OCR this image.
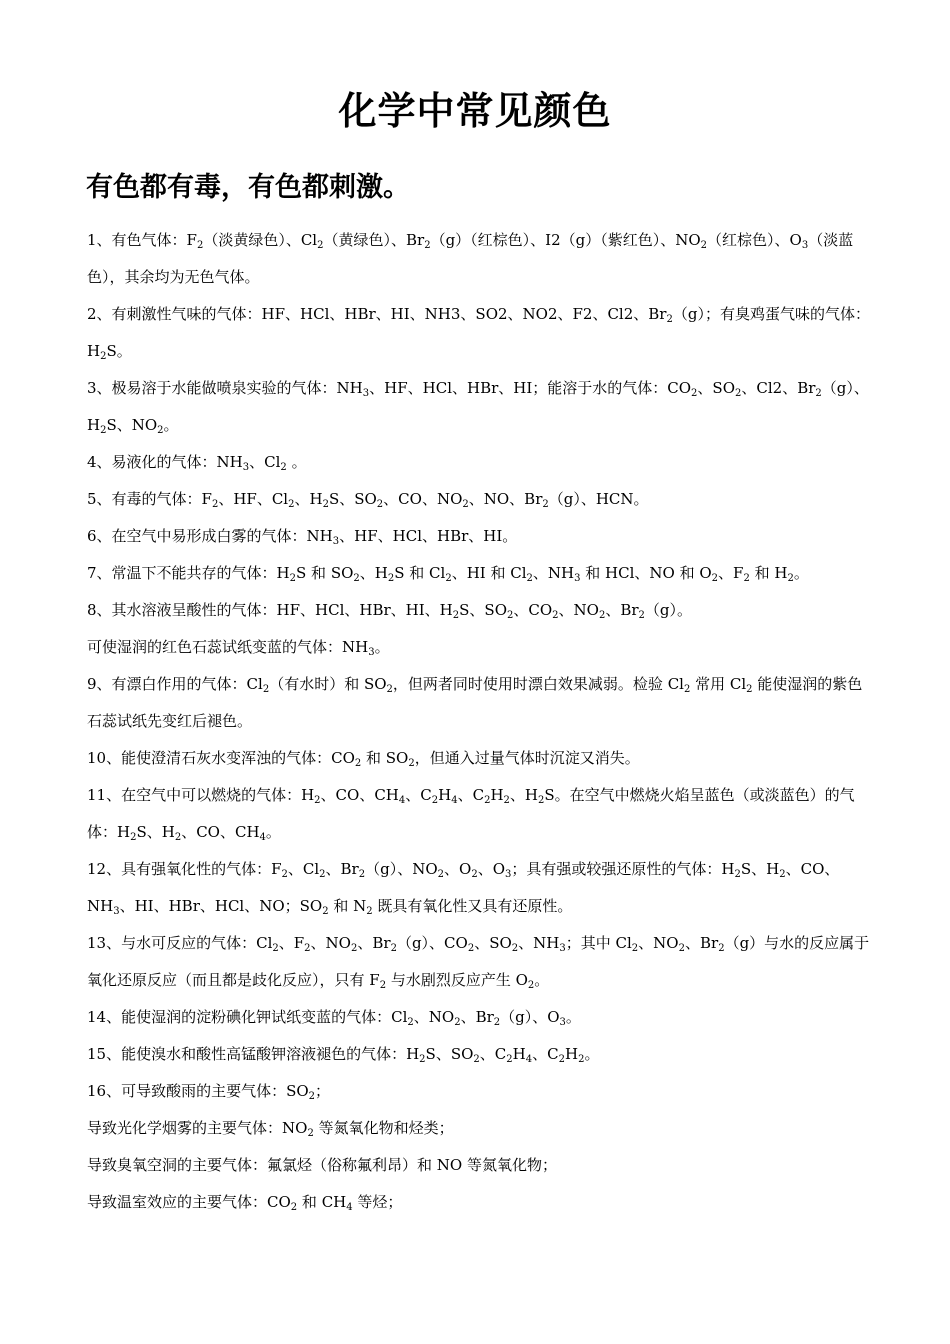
化学中常见颜色
有色都有毒，有色都刺激。

1、有色气体：$F_2$（淡黄绿色）、$Cl_2$（黄绿色）、$Br_2(g)$（红棕色）、I2（g）（紫红色）、$NO_2$（红棕色）、$O_3$（淡蓝色），其余均为无色气体。

2、有刺激性气味的气体：HF、HCl、HBr、HI、NH3、SO2、NO2、F2、Cl2、$Br_2(g)$；有臭鸡蛋气味的气体：$H_2S$。

3、极易溶于水能做喷泉实验的气体：$NH_3$、HF、HCl、HBr、HI；能溶于水的气体：$CO_2$、$SO_2$、Cl2、$Br_2(g)$、$H_2S$、$NO_2$。

4、易液化的气体：$NH_3$、$Cl_2$ 。

5、有毒的气体：$F_2$、HF、$Cl_2$、$H_2S$、$SO_2$、CO、$NO_2$、NO、$Br_2(g)$、HCN。

6、在空气中易形成白雾的气体：$NH_3$、HF、HCl、HBr、HI。

7、常温下不能共存的气体：$H_2S$ 和 $SO_2$、$H_2S$ 和 $Cl_2$、HI 和 $Cl_2$、$NH_3$ 和 HCl、NO 和 $O_2$、$F_2$ 和 $H_2$。

8、其水溶液呈酸性的气体：HF、HCl、HBr、HI、$H_2S$、$SO_2$、$CO_2$、$NO_2$、$Br_2(g)$。

可使湿润的红色石蕊试纸变蓝的气体：$NH_3$。

9、有漂白作用的气体：$Cl_2$（有水时）和 $SO_2$，但两者同时使用时漂白效果减弱。检验 $Cl_2$ 常用 $Cl_2$ 能使湿润的紫色石蕊试纸先变红后褪色。

10、能使澄清石灰水变浑浊的气体：$CO_2$ 和 $SO_2$，但通入过量气体时沉淀又消失。

11、在空气中可以燃烧的气体：$H_2$、CO、$CH_4$、$C_2H_4$、$C_2H_2$、$H_2S$。在空气中燃烧火焰呈蓝色（或淡蓝色）的气体：$H_2S$、$H_2$、CO、$CH_4$。

12、具有强氧化性的气体：$F_2$、$Cl_2$、$Br_2(g)$、$NO_2$、$O_2$、$O_3$；具有强或较强还原性的气体：$H_2S$、$H_2$、CO、$NH_3$、HI、HBr、HCl、NO；$SO_2$ 和 $N_2$ 既具有氧化性又具有还原性。

13、与水可反应的气体：$Cl_2$、$F_2$、$NO_2$、$Br_2(g)$、$CO_2$、$SO_2$、$NH_3$；其中 $Cl_2$、$NO_2$、$Br_2(g)$与水的反应属于氧化还原反应（而且都是歧化反应），只有 $F_2$ 与水剧烈反应产生 $O_2$。

14、能使湿润的淀粉碘化钾试纸变蓝的气体：$Cl_2$、$NO_2$、$Br_2(g)$、$O_3$。

15、能使溴水和酸性高锰酸钾溶液褪色的气体：$H_2S$、$SO_2$、$C_2H_4$、$C_2H_2$。

16、可导致酸雨的主要气体：$SO_2$；

导致光化学烟雾的主要气体：$NO_2$ 等氮氧化物和烃类；

导致臭氧空洞的主要气体：氟氯烃（俗称氟利昂）和 NO 等氮氧化物；

导致温室效应的主要气体：$CO_2$ 和 $CH_4$ 等烃；
